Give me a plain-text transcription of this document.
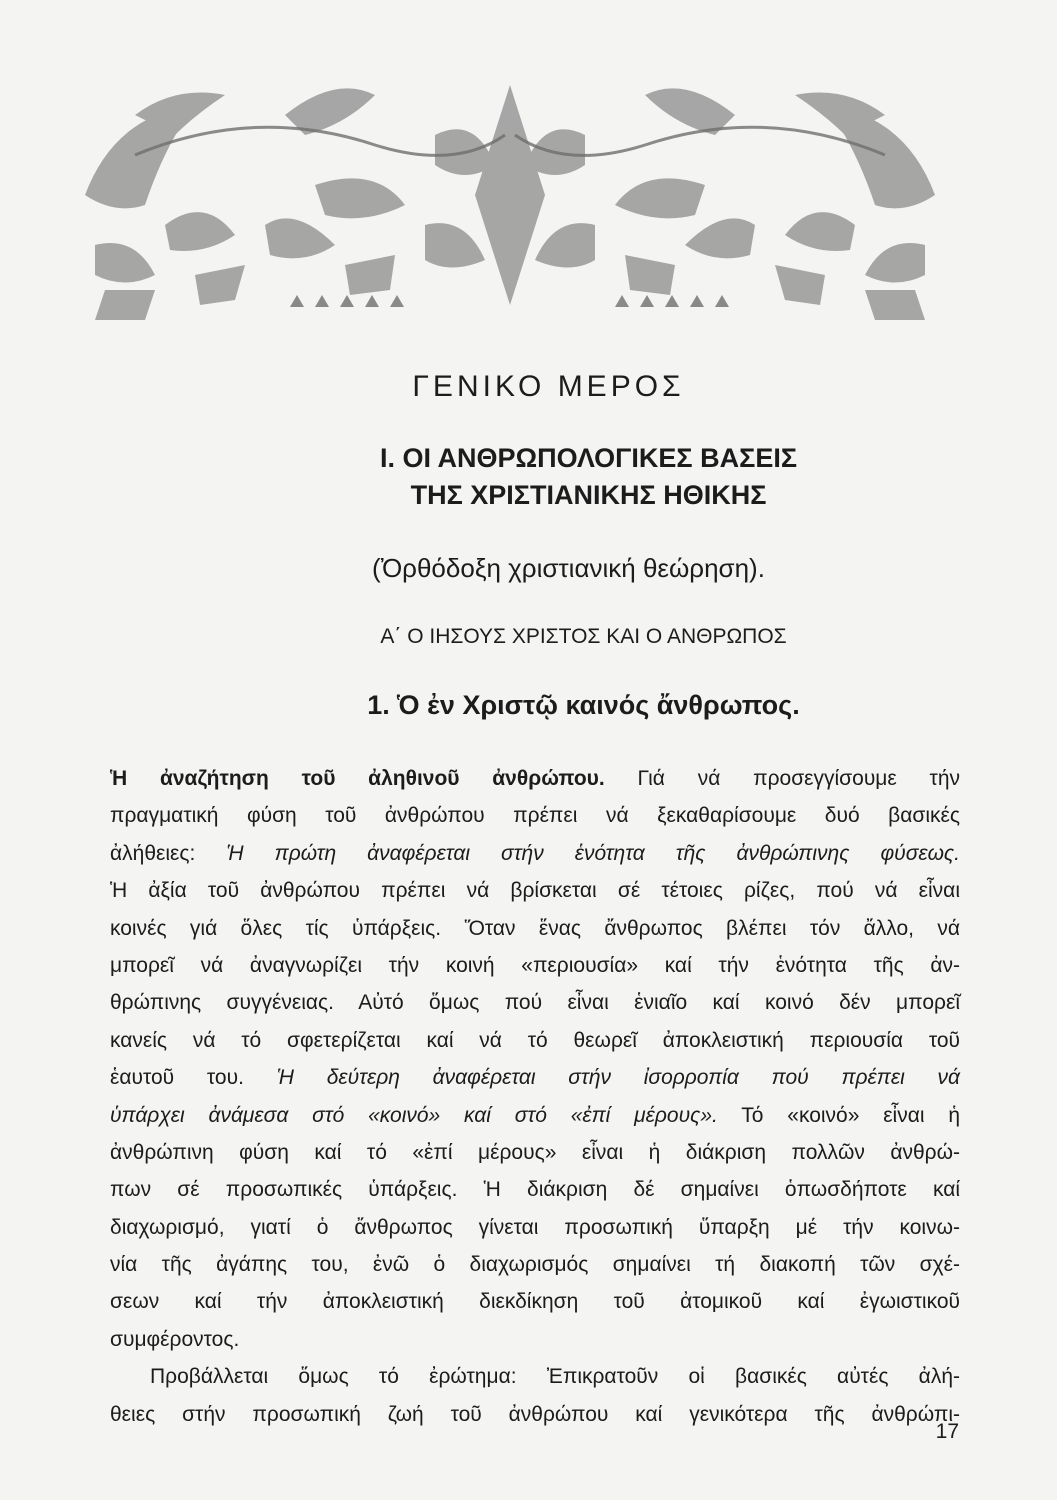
ΓΕΝΙΚΟ ΜΕΡΟΣ
I. ΟΙ ΑΝΘΡΩΠΟΛΟΓΙΚΕΣ ΒΑΣΕΙΣ
ΤΗΣ ΧΡΙΣΤΙΑΝΙΚΗΣ ΗΘΙΚΗΣ
(Ὀρθόδοξη χριστιανική θεώρηση).
Α΄ Ο ΙΗΣΟΥΣ ΧΡΙΣΤΟΣ ΚΑΙ Ο ΑΝΘΡΩΠΟΣ
1. Ὁ ἐν Χριστῷ καινός ἄνθρωπος.
Ἡ ἀναζήτηση τοῦ ἀληθινοῦ ἀνθρώπου. Γιά νά προσεγγίσουμε τήν
πραγματική φύση τοῦ ἀνθρώπου πρέπει νά ξεκαθαρίσουμε δυό βασικές
ἀλήθειες: Ἡ πρώτη ἀναφέρεται στήν ἑνότητα τῆς ἀνθρώπινης φύσεως.
Ἡ ἀξία τοῦ ἀνθρώπου πρέπει νά βρίσκεται σέ τέτοιες ρίζες, πού νά εἶναι
κοινές γιά ὅλες τίς ὑπάρξεις. Ὅταν ἕνας ἄνθρωπος βλέπει τόν ἄλλο, νά
μπορεῖ νά ἀναγνωρίζει τήν κοινή «περιουσία» καί τήν ἑνότητα τῆς ἀν-
θρώπινης συγγένειας. Αὐτό ὅμως πού εἶναι ἑνιαῖο καί κοινό δέν μπορεῖ
κανείς νά τό σφετερίζεται καί νά τό θεωρεῖ ἀποκλειστική περιουσία τοῦ
ἑαυτοῦ του. Ἡ δεύτερη ἀναφέρεται στήν ἰσορροπία πού πρέπει νά
ὑπάρχει ἀνάμεσα στό «κοινό» καί στό «ἐπί μέρους». Τό «κοινό» εἶναι ἡ
ἀνθρώπινη φύση καί τό «ἐπί μέρους» εἶναι ἡ διάκριση πολλῶν ἀνθρώ-
πων σέ προσωπικές ὑπάρξεις. Ἡ διάκριση δέ σημαίνει ὁπωσδήποτε καί
διαχωρισμό, γιατί ὁ ἄνθρωπος γίνεται προσωπική ὕπαρξη μέ τήν κοινω-
νία τῆς ἀγάπης του, ἐνῶ ὁ διαχωρισμός σημαίνει τή διακοπή τῶν σχέ-
σεων καί τήν ἀποκλειστική διεκδίκηση τοῦ ἀτομικοῦ καί ἐγωιστικοῦ
συμφέροντος.
Προβάλλεται ὅμως τό ἐρώτημα: Ἐπικρατοῦν οἱ βασικές αὐτές ἀλή-
θειες στήν προσωπική ζωή τοῦ ἀνθρώπου καί γενικότερα τῆς ἀνθρώπι-
17
